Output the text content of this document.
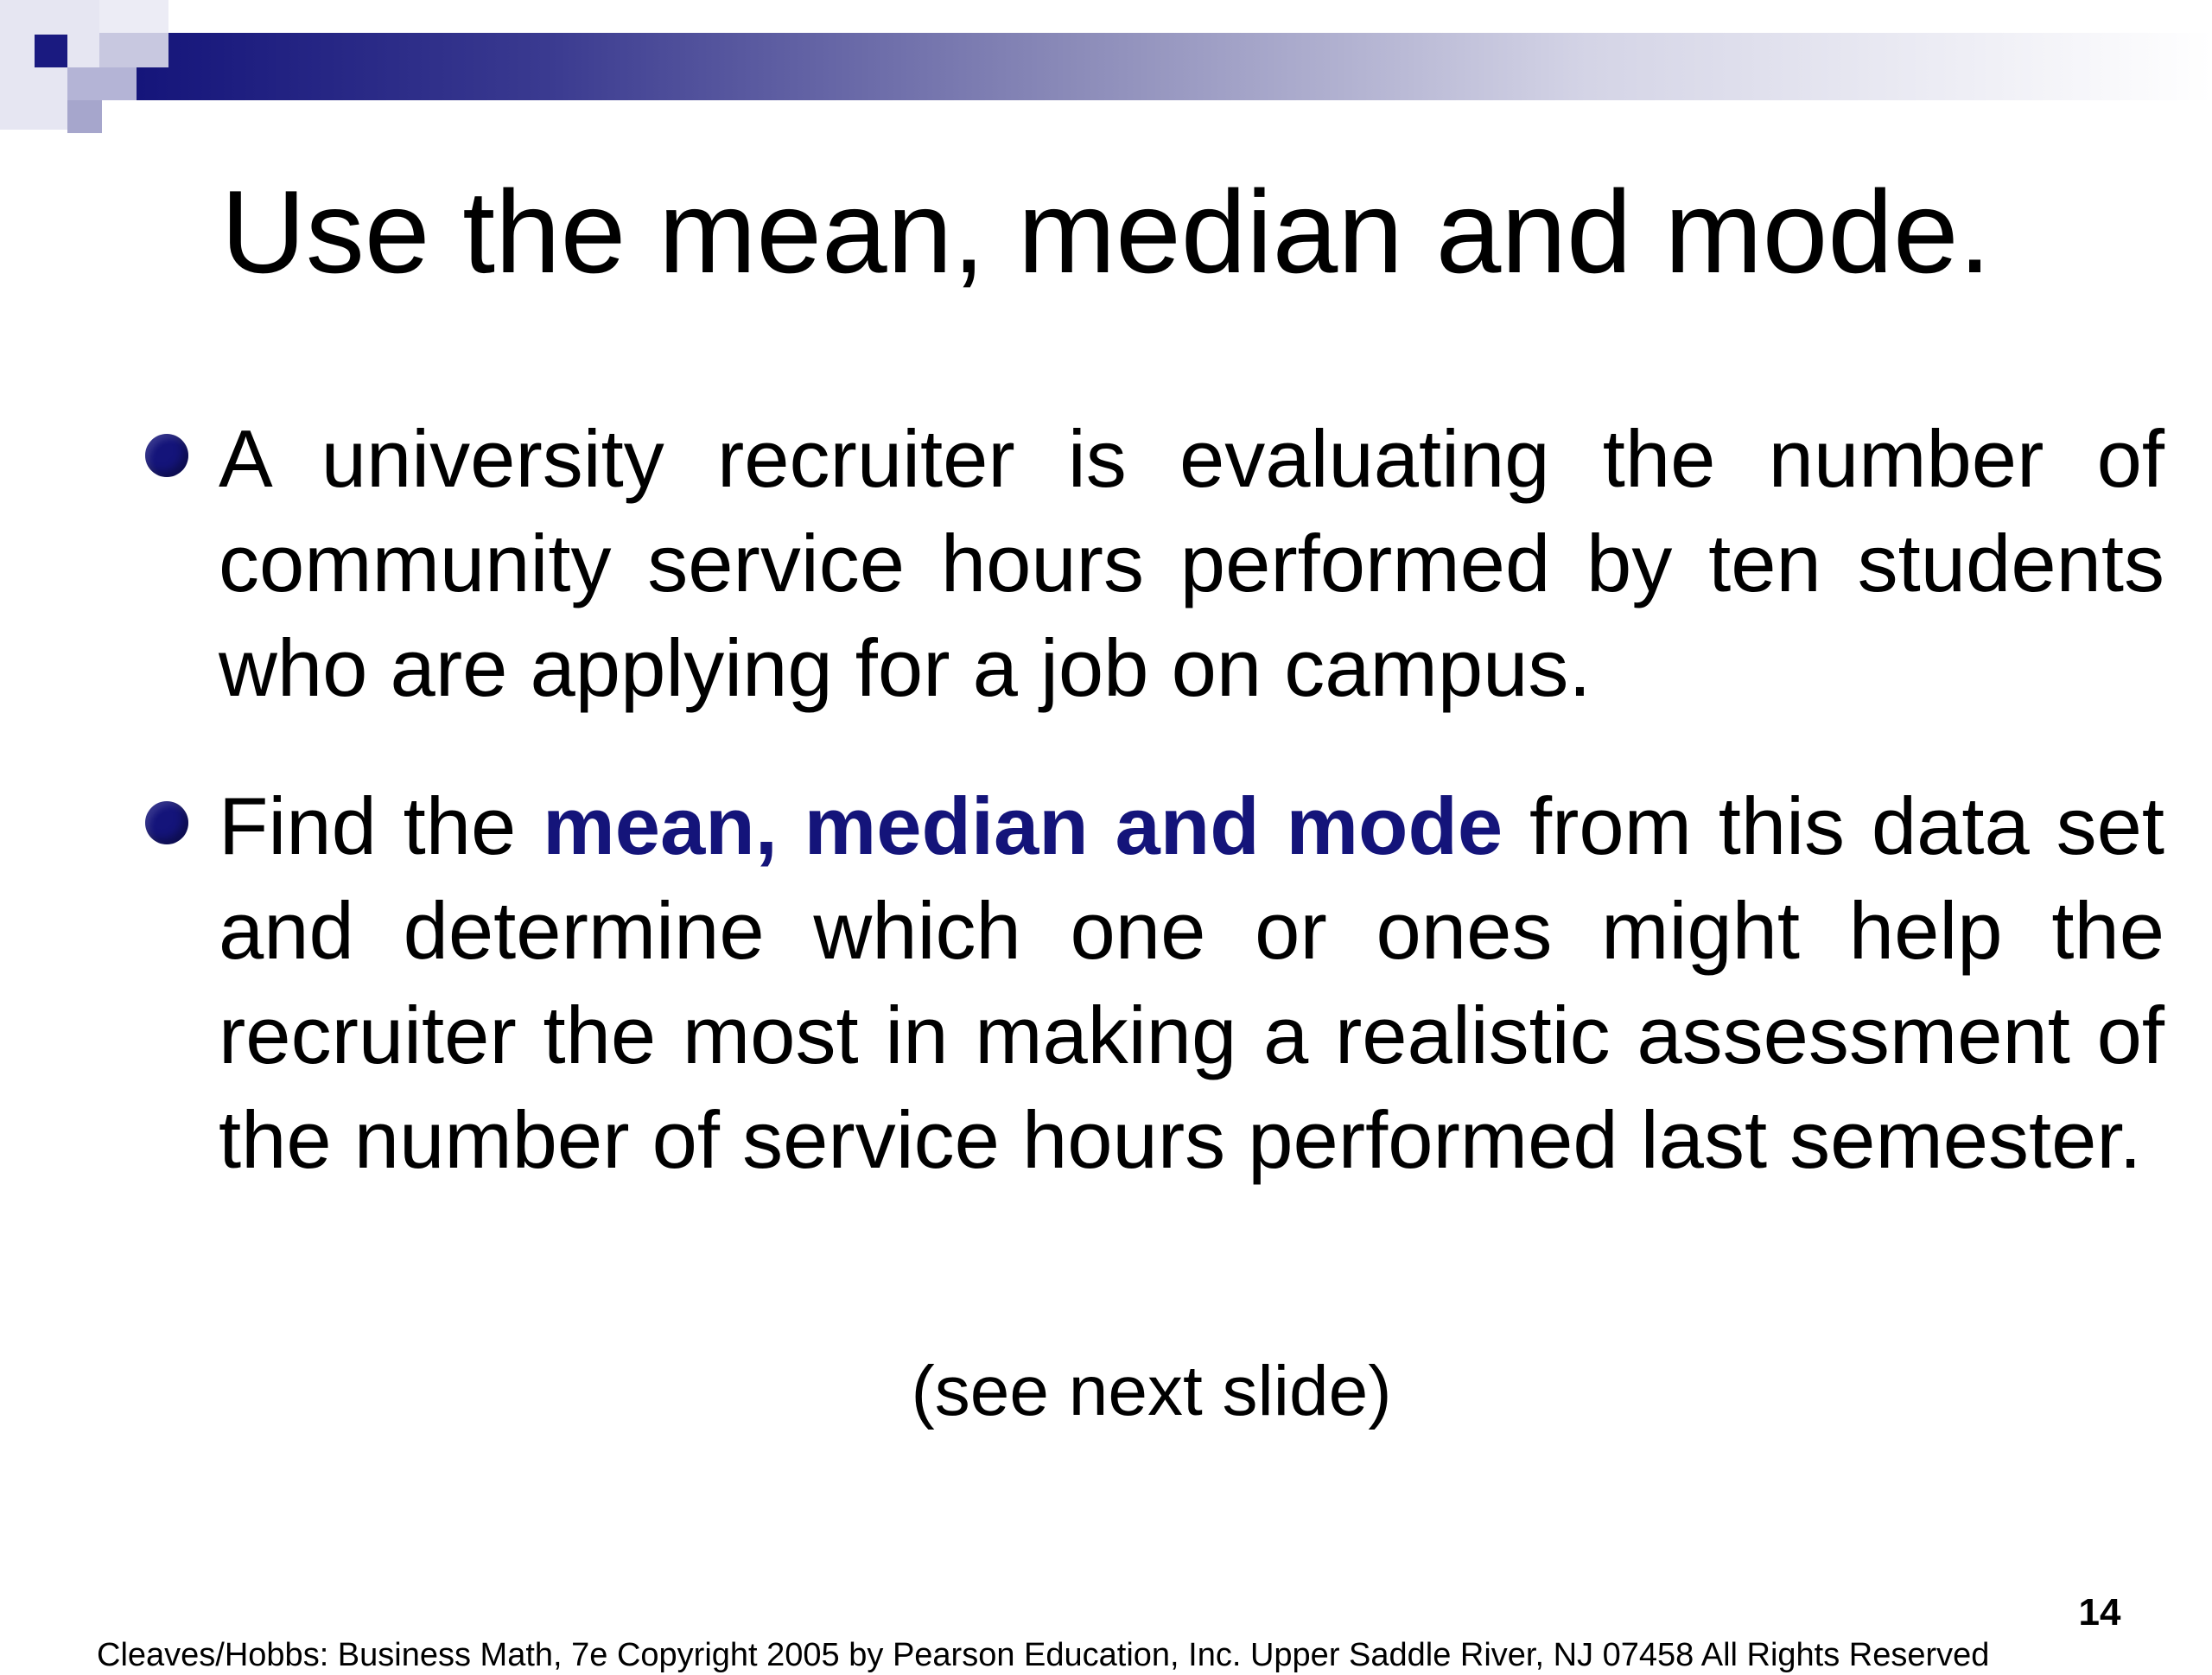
Use the mean, median and mode.
A university recruiter is evaluating the number of community service hours performed by ten students who are applying for a job on campus.
Find the mean, median and mode from this data set and determine which one or ones might help the recruiter the most in making a realistic assessment of the number of service hours performed last semester.
(see next slide)
14
Cleaves/Hobbs: Business Math, 7e Copyright 2005 by Pearson Education, Inc. Upper Saddle River, NJ 07458 All Rights Reserved
